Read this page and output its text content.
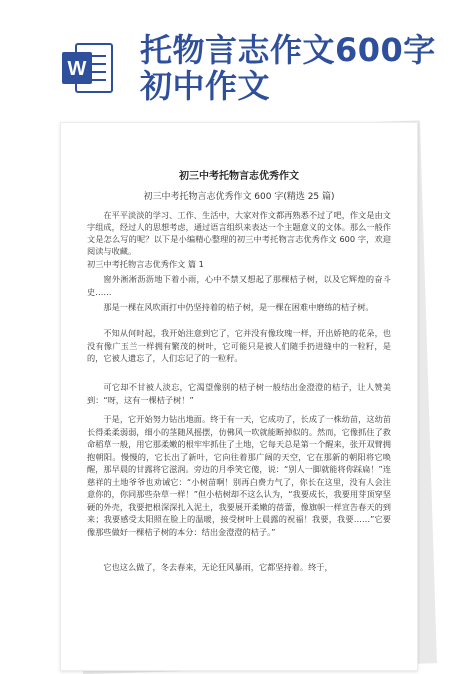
W 托物言志作文600字初中作文
初三中考托物言志优秀作文
初三中考托物言志优秀作文 600 字(精选 25 篇)
在平平淡淡的学习、工作、生活中，大家对作文都再熟悉不过了吧，作文是由文字组成，经过人的思想考虑，通过语言组织来表达一个主题意义的文体。那么一般作文是怎么写的呢？以下是小编精心整理的初三中考托物言志优秀作文 600 字，欢迎阅读与收藏。
初三中考托物言志优秀作文 篇 1

窗外淅淅沥沥地下着小雨，心中不禁又想起了那棵桔子树，以及它辉煌的奋斗史……

那是一棵在风吹雨打中仍坚持着的桔子树，是一棵在困难中磨练的桔子树。

不知从何时起，我开始注意到它了，它并没有像玫瑰一样，开出娇艳的花朵，也没有像广玉兰一样拥有繁茂的树叶，它可能只是被人们随手扔进缝中的一粒籽，是的，它被人遗忘了，人们忘记了的一粒籽。

可它却不甘被人淡忘，它渴望像别的桔子树一般结出金澄澄的桔子，让人赞美到：“呀，这有一棵桔子树！”

于是，它开始努力钻出地面。终于有一天，它成功了，长成了一株幼苗，这幼苗长得柔柔弱弱，细小的茎随风摇摆，仿佛风一吹就能断掉似的。然而，它像抓住了救命稻草一般，用它那柔嫩的根牢牢抓住了土地，它每天总是第一个醒来，张开双臂拥抱朝阳。慢慢的，它长出了新叶，它向往着那广阔的天空，它在那新的朝阳将它唤醒，那早晨的甘露将它滋润。旁边的月季笑它傻，说：“别人一脚就能将你踩扁！”连慈祥的土地爷爷也劝诫它：“小树苗啊！别再白费力气了，你长在这里，没有人会注意你的，你同那些杂草一样！”但小桔树却不这么认为，“我要成长，我要用芽顶穿坚硬的外壳，我要把根深深扎入泥土，我要展开柔嫩的蓓蕾，像旗帜一样宣告春天的到来；我要感受太阳照在脸上的温暖，接受树叶上晨露的祝福！我要，我要……”它要像那些做好一棵桔子树的本分：结出金澄澄的桔子。”

它也这么做了，冬去春来，无论狂风暴雨，它都坚持着。终于，
